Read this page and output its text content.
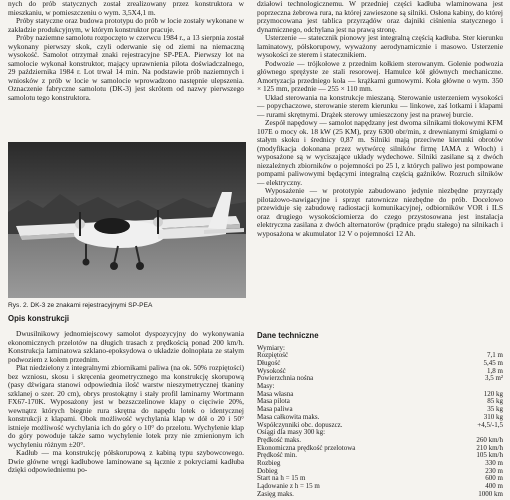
nych do prób statycznych został zrealizowany przez konstruktora w mieszkaniu, w pomieszczeniu o wym. 3,5X4,1 m.

Próby statyczne oraz budowa prototypu do prób w locie zostały wykonane w zakładzie produkcyjnym, w którym konstruktor pracuje.

Próby naziemne samolotu rozpoczęto w czerwcu 1984 r., a 13 sierpnia został wykonany pierwszy skok, czyli oderwanie się od ziemi na niemaczną wysokość. Samolot otrzymał znaki rejestracyjne SP-PEA. Pierwszy lot na samolocie wykonał konstruktor, mający uprawnienia pilota doświadczalnego, 29 października 1984 r. Lot trwał 14 min. Na podstawie prób naziemnych i wniosków z prób w locie w samolocie wprowadzono następnie ulepszenia. Oznaczenie fabryczne samolotu (DK-3) jest skrótem od nazwy pierwszego samolotu tego konstruktora.

Rys. 2. DK-3 ze znakami rejestracyjnymi SP-PEA
Opis konstrukcji

Dwusilnikowy jednomiejscowy samolot dyspozycyjny do wykonywania ekonomicznych przelotów na długich trasach z prędkością ponad 200 km/h. Konstrukcja laminatowa szklano-epoksydowa o układzie dolnopłata ze stałym podwoziem z kołem przednim.

Płat niedzielony z integralnymi zbiornikami paliwa (na ok. 50% rozpiętości) bez wzniosu, skosu i skręcenia geometrycznego ma konstrukcję skorupową (pasy dźwigara stanowi odpowiednia ilość warstw nieszymetrycznej tkaniny szklanej o szer. 20 cm), obrys prostokątny i stały profil laminarny Wortmann FX67-170K. Wyposażony jest w bezszczelinowe klapy o cięciwie 20%, wewnątrz których biegnie rura skrętna do napędu lotek o identycznej konstrukcji z klapami. Obok możliwość wychylania klap w dół o 20 i 50° istnieje możliwość wychylania ich do góry o 10° do przelotu. Wychylenie klap do góry powoduje także samo wychylenie lotek przy nie zmienionym ich wychyleniu różnym ±20°.

Kadłub — ma konstrukcję półskorupową z kabiną typu szybowcowego. Dwie główne wręgi kadłubowe laminowane są łącznie z pokryciami kadłuba dzięki odpowiedniemu po-

działowi technologicznemu. W przedniej części kadłuba wlaminowana jest poprzeczna żebrowa rura, na której zawieszone są silniki. Osłona kabiny, do której przymocowana jest tablica przyrządów oraz dajniki ciśnienia statycznego i dynamicznego, odchylana jest na prawą stronę.

Usterzenie — statecznik pionowy jest integralną częścią kadłuba. Ster kierunku laminatowy, półskorupowy, wyważony aerodynamicznie i masowo. Usterzenie wysokości ze sterem i statecznikiem.

Podwozie — trójkołowe z przednim kołkiem sterowanym. Golenie podwozia głównego sprężyste ze stali resorowej. Hamulce kół głównych mechaniczne. Amortyzacja przedniego koła — krążkami gumowymi. Koła główne o wym. 350 × 125 mm, przednie — 255 × 110 mm.

Układ sterowania na konstrukcje mieszaną. Sterowanie usterzeniem wysokości — popychaczowe, sterowanie sterem kierunku — linkowe, zaś lotkami i klapami — rurami skrętnymi. Drążek sterowy umieszczony jest na prawej burcie.

Zespół napędowy — samolot napędzany jest dwoma silnikami tłokowymi KFM 107E o mocy ok. 18 kW (25 KM), przy 6300 obr/min, z drewnianymi śmigłami o stałym skoku i średnicy 0,87 m. Silniki mają przeciwne kierunki obrotów (modyfikacja dokonana przez wytwórcę silników firmę IAMA z Włoch) i wyposażone są w wyciszające układy wydechowe. Silniki zasilane są z dwóch niezależnych zbiorników o pojemności po 25 l, z których paliwo jest pompowane pompami paliwowymi będącymi integralną częścią gaźników. Rozruch silników — elektryczny.

Wyposażenie — w prototypie zabudowano jedynie niezbędne przyrządy pilotażowo-nawigacyjne i sprzęt ratownicze niezbędne do prób. Docelowo przewiduje się zabudowę radiostacji komunikacyjnej, odbiorników VOR i ILS oraz drugiego wysokościomierza do czego przystosowana jest instalacja elektryczna zasilana z dwóch alternatorów (prądnice prądu stałego) na silnikach i wyposażona w akumulator 12 V o pojemności 12 Ah.

Dane techniczne
Wymiary:
Rozpiętość	7,1 m
Długość	5,45 m
Wysokość	1,8 m
Powierzchnia nośna	3,5 m²
Masy:
Masa własna	120 kg
Masa pilota	85 kg
Masa paliwa	35 kg
Masa całkowita maks.	310 kg
Współczynniki obc. dopuszcz.	+4,5/-1,5
Osiągi dla masy 300 kg:
Prędkość maks.	260 km/h
Ekonomiczna prędkość przelotowa	210 km/h
Prędkość min.	105 km/h
Rozbieg	330 m
Dobieg	230 m
Start na h = 15 m	600 m
Lądowanie z h = 15 m	400 m
Zasięg maks.	1000 km
